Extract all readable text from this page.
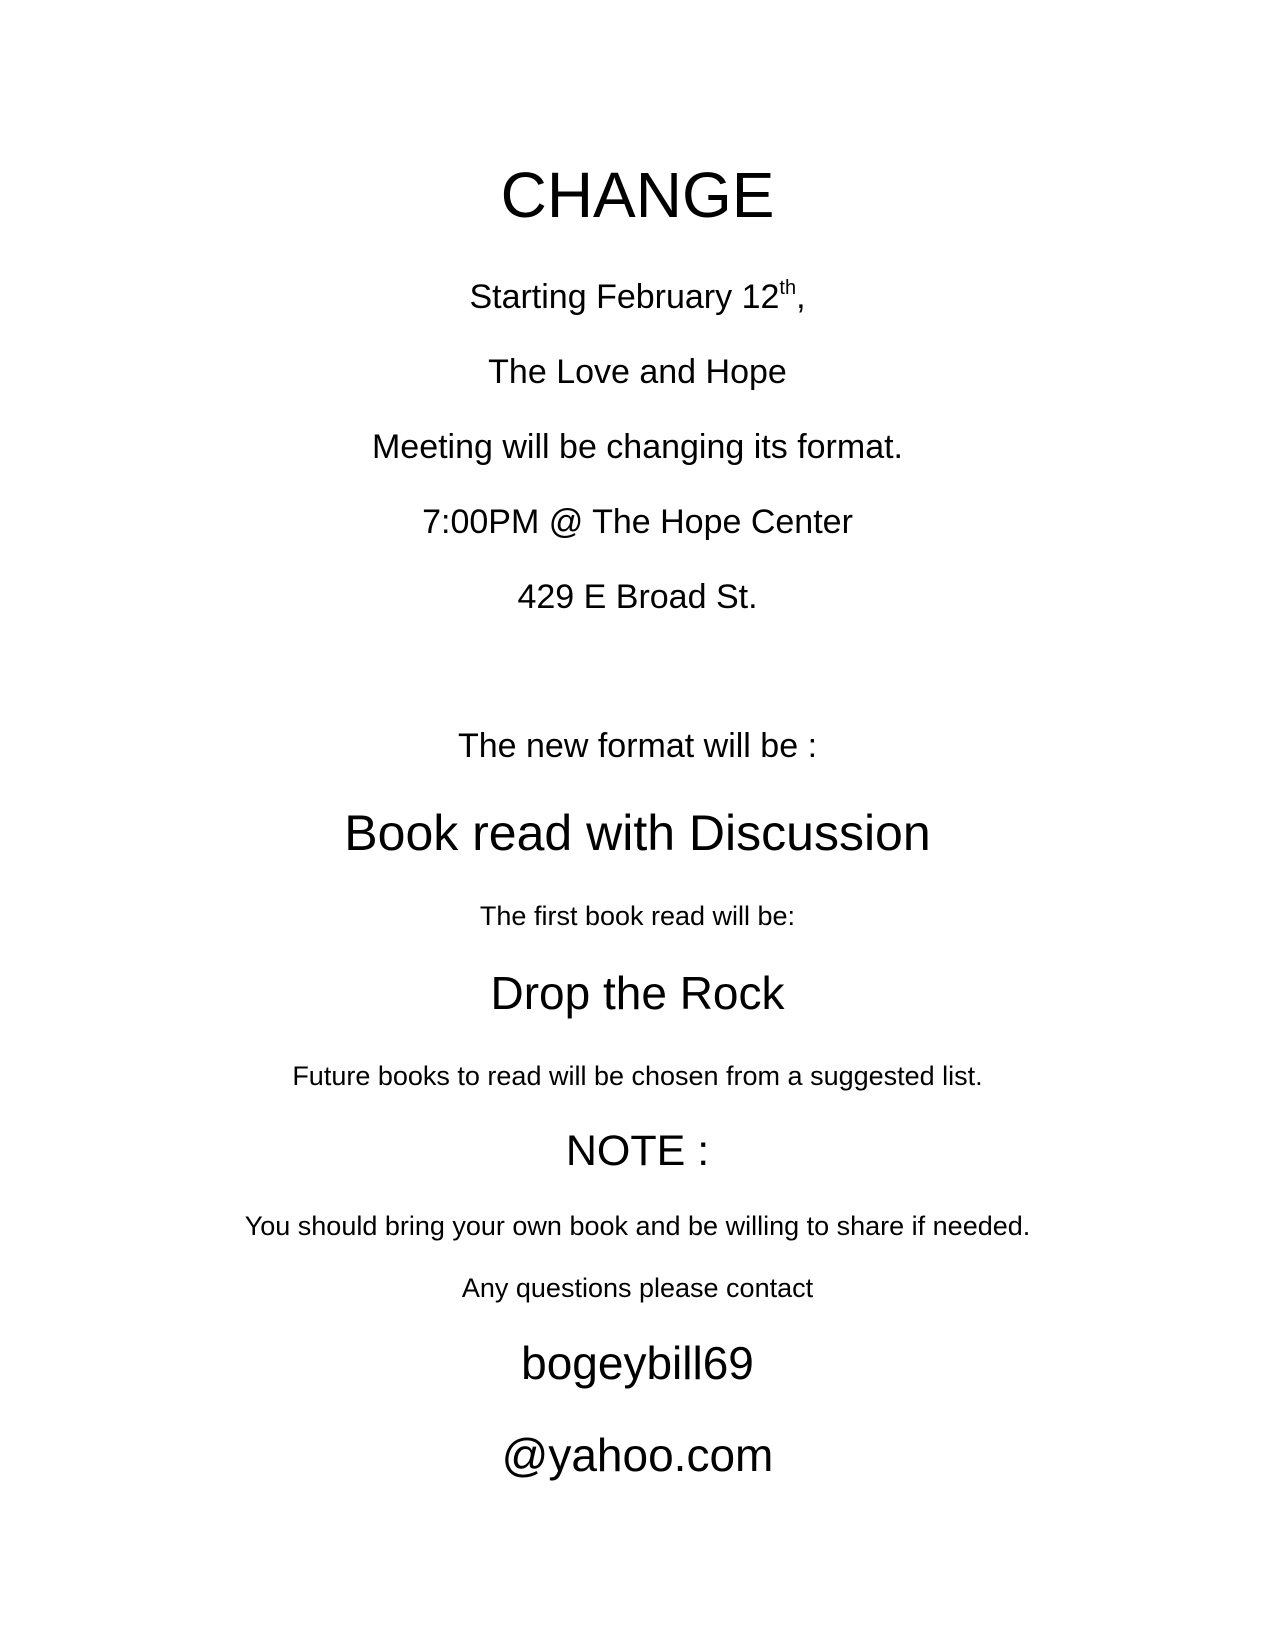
CHANGE
Starting February 12th,
The Love and Hope
Meeting will be changing its format.
7:00PM @ The Hope Center
429 E Broad St.
The new format will be :
Book read with Discussion
The first book read will be:
Drop the Rock
Future books to read will be chosen from a suggested list.
NOTE :
You should bring your own book and be willing to share if needed.
Any questions please contact
bogeybill69
@yahoo.com
